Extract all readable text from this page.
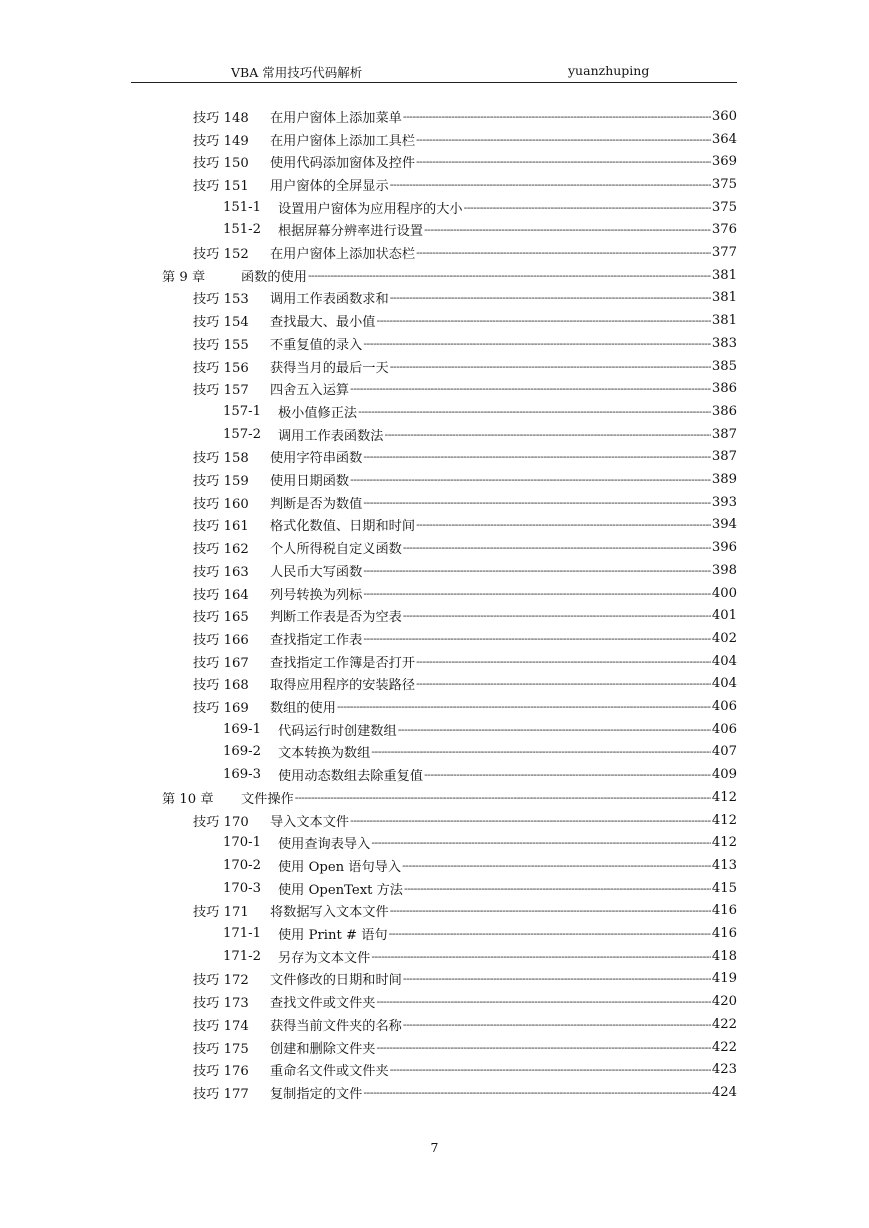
VBA 常用技巧代码解析	yuanzhuping
技巧 148	在用户窗体上添加菜单 -----	360
技巧 149	在用户窗体上添加工具栏 -----	364
技巧 150	使用代码添加窗体及控件 -----	369
技巧 151	用户窗体的全屏显示 -----	375
151-1	设置用户窗体为应用程序的大小 -----	375
151-2	根据屏幕分辨率进行设置 -----	376
技巧 152	在用户窗体上添加状态栏 -----	377
第 9 章	函数的使用 -----	381
技巧 153	调用工作表函数求和 -----	381
技巧 154	查找最大、最小值 -----	381
技巧 155	不重复值的录入 -----	383
技巧 156	获得当月的最后一天 -----	385
技巧 157	四舍五入运算 -----	386
157-1	极小值修正法 -----	386
157-2	调用工作表函数法 -----	387
技巧 158	使用字符串函数 -----	387
技巧 159	使用日期函数 -----	389
技巧 160	判断是否为数值 -----	393
技巧 161	格式化数值、日期和时间 -----	394
技巧 162	个人所得税自定义函数 -----	396
技巧 163	人民币大写函数 -----	398
技巧 164	列号转换为列标 -----	400
技巧 165	判断工作表是否为空表 -----	401
技巧 166	查找指定工作表 -----	402
技巧 167	查找指定工作簿是否打开 -----	404
技巧 168	取得应用程序的安装路径 -----	404
技巧 169	数组的使用 -----	406
169-1	代码运行时创建数组 -----	406
169-2	文本转换为数组 -----	407
169-3	使用动态数组去除重复值 -----	409
第 10 章	文件操作 -----	412
技巧 170	导入文本文件 -----	412
170-1	使用查询表导入 -----	412
170-2	使用 Open 语句导入 -----	413
170-3	使用 OpenText 方法 -----	415
技巧 171	将数据写入文本文件 -----	416
171-1	使用 Print # 语句 -----	416
171-2	另存为文本文件 -----	418
技巧 172	文件修改的日期和时间 -----	419
技巧 173	查找文件或文件夹 -----	420
技巧 174	获得当前文件夹的名称 -----	422
技巧 175	创建和删除文件夹 -----	422
技巧 176	重命名文件或文件夹 -----	423
技巧 177	复制指定的文件 -----	424
7
